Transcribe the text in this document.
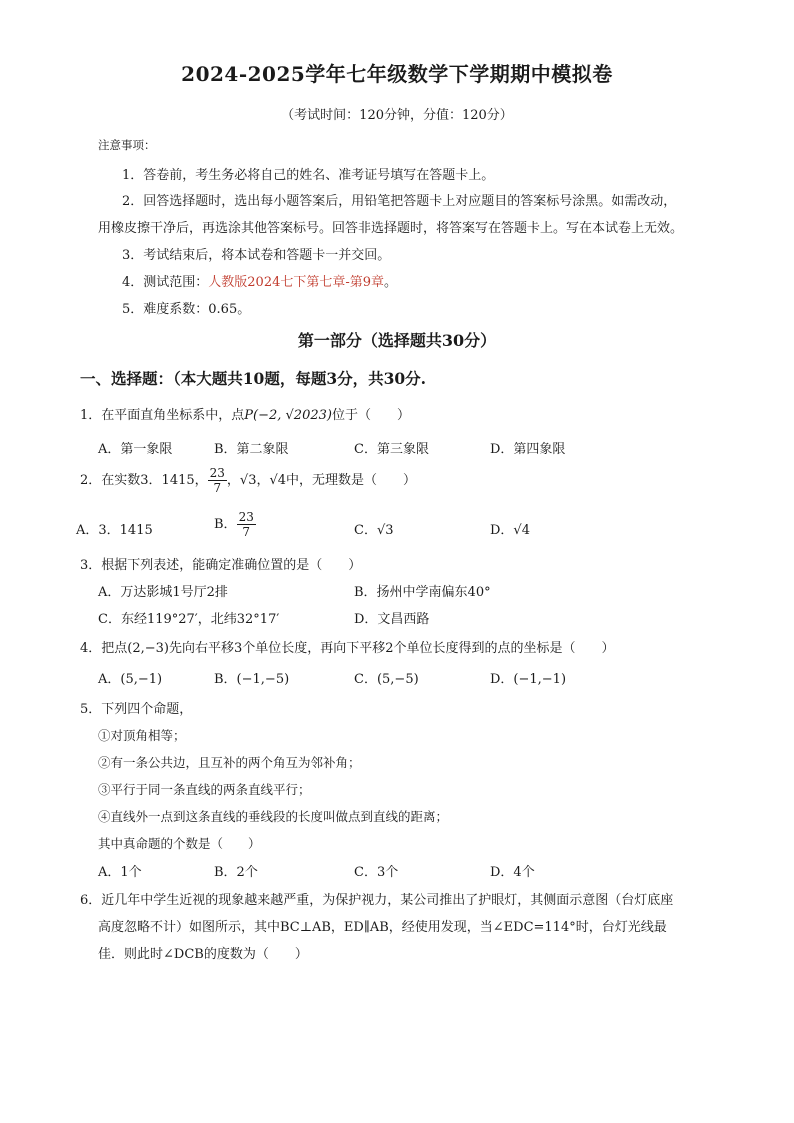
2024-2025学年七年级数学下学期期中模拟卷
（考试时间：120分钟，分值：120分）
注意事项：
1．答卷前，考生务必将自己的姓名、准考证号填写在答题卡上。
2．回答选择题时，选出每小题答案后，用铅笔把答题卡上对应题目的答案标号涂黑。如需改动，
用橡皮擦干净后，再选涂其他答案标号。回答非选择题时，将答案写在答题卡上。写在本试卷上无效。
3．考试结束后，将本试卷和答题卡一并交回。
4．测试范围：人教版2024七下第七章-第9章。
5．难度系数：0.65。
第一部分（选择题共30分）
一、选择题：（本大题共10题，每题3分，共30分.
1．在平面直角坐标系中，点P(−2, √2023)位于（　　）
A．第一象限	B．第二象限	C．第三象限	D．第四象限
2．在实数3．1415， $\frac{23}{7}$ ，√3，√4中，无理数是（　　）
A．3．1415	B． $\frac{23}{7}$	C．√3	D．√4
3．根据下列表述，能确定准确位置的是（　　）
A．万达影城1号厅2排	B．扬州中学南偏东40°
C．东经119°27′，北纬32°17′	D．文昌西路
4．把点(2,−3)先向右平移3个单位长度，再向下平移2个单位长度得到的点的坐标是（　　）
A．(5,−1)	B．(−1,−5)	C．(5,−5)	D．(−1,−1)
5．下列四个命题，
①对顶角相等；
②有一条公共边，且互补的两个角互为邻补角；
③平行于同一条直线的两条直线平行；
④直线外一点到这条直线的垂线段的长度叫做点到直线的距离；
其中真命题的个数是（　　）
A．1个	B．2个	C．3个	D．4个
6．近几年中学生近视的现象越来越严重，为保护视力，某公司推出了护眼灯，其侧面示意图（台灯底座
高度忽略不计）如图所示，其中BC⊥AB，ED∥AB，经使用发现，当∠EDC=114°时，台灯光线最
佳．则此时∠DCB的度数为（　　）
